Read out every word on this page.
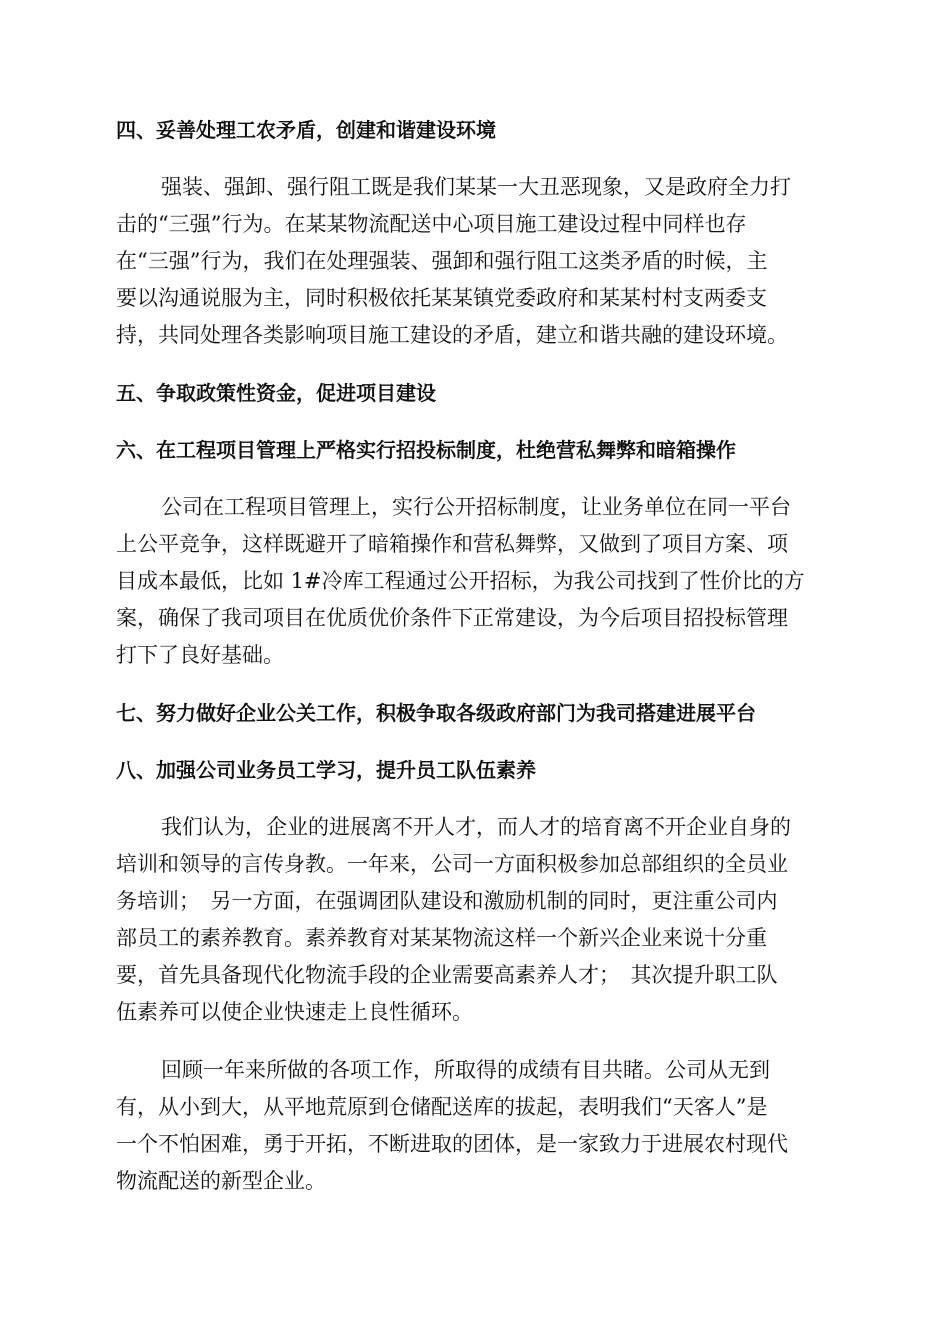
四、妥善处理工农矛盾，创建和谐建设环境
强装、强卸、强行阻工既是我们某某一大丑恶现象，又是政府全力打
击的“三强”行为。在某某物流配送中心项目施工建设过程中同样也存
在“三强”行为，我们在处理强装、强卸和强行阻工这类矛盾的时候，主
要以沟通说服为主，同时积极依托某某镇党委政府和某某村村支两委支
持，共同处理各类影响项目施工建设的矛盾，建立和谐共融的建设环境。
五、争取政策性资金，促进项目建设
六、在工程项目管理上严格实行招投标制度，杜绝营私舞弊和暗箱操作
公司在工程项目管理上，实行公开招标制度，让业务单位在同一平台
上公平竞争，这样既避开了暗箱操作和营私舞弊，又做到了项目方案、项
目成本最低，比如 1#冷库工程通过公开招标，为我公司找到了性价比的方
案，确保了我司项目在优质优价条件下正常建设，为今后项目招投标管理
打下了良好基础。
七、努力做好企业公关工作，积极争取各级政府部门为我司搭建进展平台
八、加强公司业务员工学习，提升员工队伍素养
我们认为，企业的进展离不开人才，而人才的培育离不开企业自身的
培训和领导的言传身教。一年来，公司一方面积极参加总部组织的全员业
务培训；　另一方面，在强调团队建设和激励机制的同时，更注重公司内
部员工的素养教育。素养教育对某某物流这样一个新兴企业来说十分重
要，首先具备现代化物流手段的企业需要高素养人才；　其次提升职工队
伍素养可以使企业快速走上良性循环。
回顾一年来所做的各项工作，所取得的成绩有目共睹。公司从无到
有，从小到大，从平地荒原到仓储配送库的拔起，表明我们“天客人”是
一个不怕困难，勇于开拓，不断进取的团体，是一家致力于进展农村现代
物流配送的新型企业。
